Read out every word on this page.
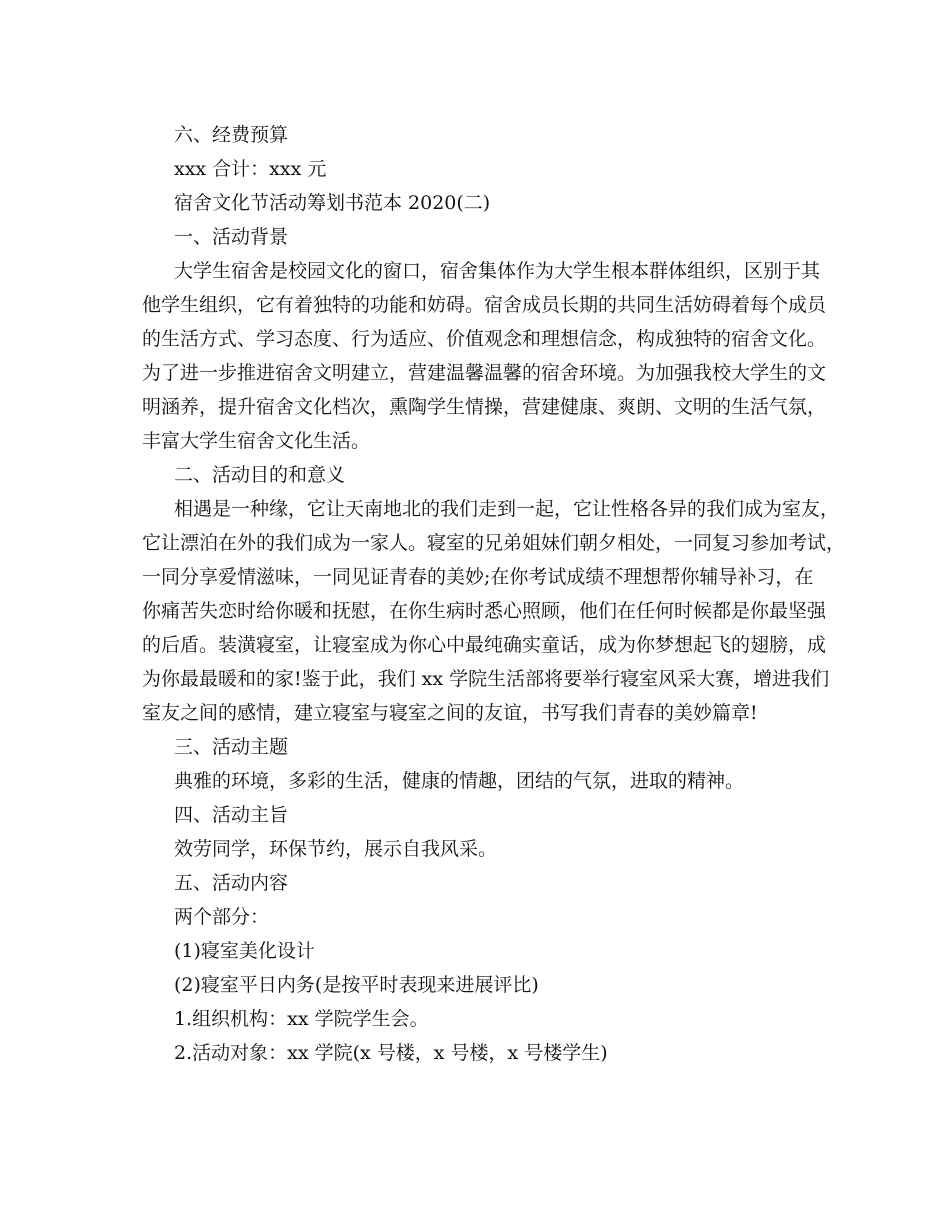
六、经费预算
xxx 合计：xxx 元
宿舍文化节活动筹划书范本 2020(二)
一、活动背景
大学生宿舍是校园文化的窗口，宿舍集体作为大学生根本群体组织，区别于其
他学生组织，它有着独特的功能和妨碍。宿舍成员长期的共同生活妨碍着每个成员
的生活方式、学习态度、行为适应、价值观念和理想信念，构成独特的宿舍文化。
为了进一步推进宿舍文明建立，营建温馨温馨的宿舍环境。为加强我校大学生的文
明涵养，提升宿舍文化档次，熏陶学生情操，营建健康、爽朗、文明的生活气氛，
丰富大学生宿舍文化生活。
二、活动目的和意义
相遇是一种缘，它让天南地北的我们走到一起，它让性格各异的我们成为室友，
它让漂泊在外的我们成为一家人。寝室的兄弟姐妹们朝夕相处，一同复习参加考试，
一同分享爱情滋味，一同见证青春的美妙;在你考试成绩不理想帮你辅导补习，在
你痛苦失恋时给你暖和抚慰，在你生病时悉心照顾，他们在任何时候都是你最坚强
的后盾。装潢寝室，让寝室成为你心中最纯确实童话，成为你梦想起飞的翅膀，成
为你最最暖和的家!鉴于此，我们 xx 学院生活部将要举行寝室风采大赛，增进我们
室友之间的感情，建立寝室与寝室之间的友谊，书写我们青春的美妙篇章!
三、活动主题
典雅的环境，多彩的生活，健康的情趣，团结的气氛，进取的精神。
四、活动主旨
效劳同学，环保节约，展示自我风采。
五、活动内容
两个部分：
(1)寝室美化设计
(2)寝室平日内务(是按平时表现来进展评比)
1.组织机构：xx 学院学生会。
2.活动对象：xx 学院(x 号楼，x 号楼，x 号楼学生)
